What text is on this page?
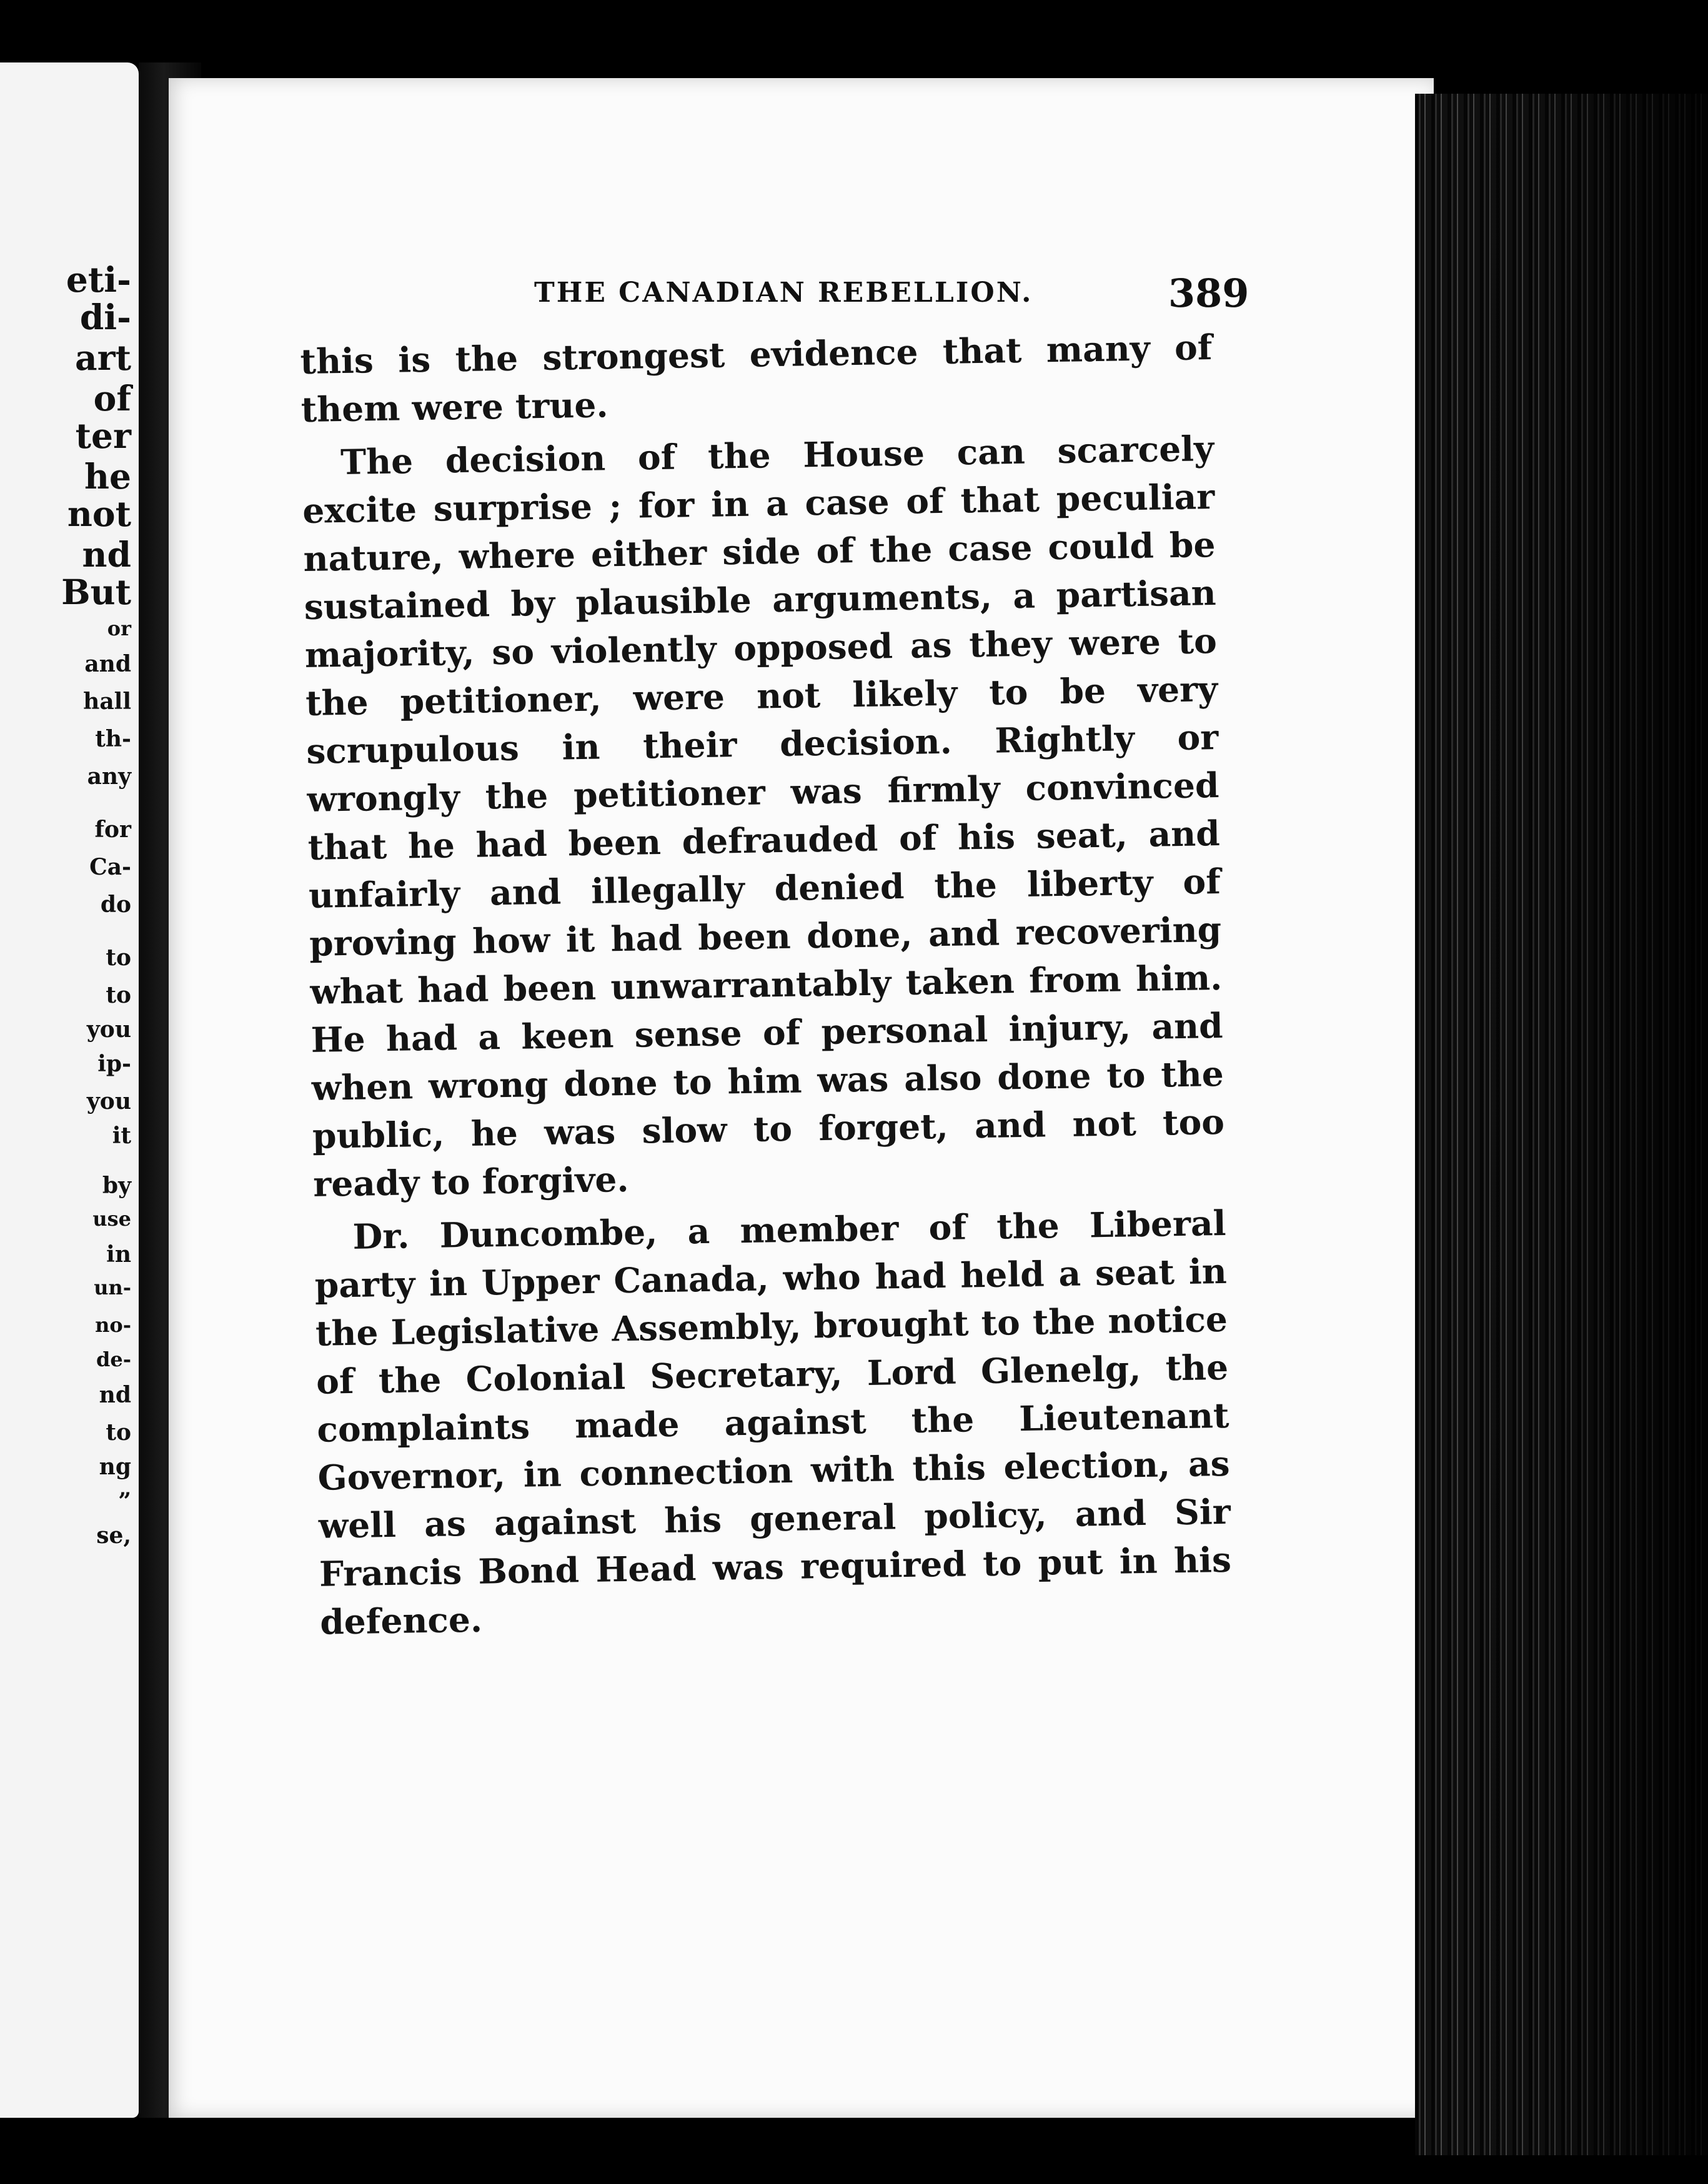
eti-
di-
art
of
ter
he
not
nd
But
or
and
hall
th-
any
for
Ca-
do
to
to
you
ip-
you
it
by
use
in
un-
no-
de-
nd
to
ng
”
se,
THE CANADIAN REBELLION.	389

this is the strongest evidence that many of them were true.

The decision of the House can scarcely excite surprise ; for in a case of that peculiar nature, where either side of the case could be sustained by plausible arguments, a partisan majority, so violently opposed as they were to the petitioner, were not likely to be very scrupulous in their decision. Rightly or wrongly the petitioner was firmly convinced that he had been defrauded of his seat, and unfairly and illegally denied the liberty of proving how it had been done, and recovering what had been unwarrantably taken from him. He had a keen sense of personal injury, and when wrong done to him was also done to the public, he was slow to forget, and not too ready to forgive.

Dr. Duncombe, a member of the Liberal party in Upper Canada, who had held a seat in the Legislative Assembly, brought to the notice of the Colonial Secretary, Lord Glenelg, the complaints made against the Lieutenant Governor, in connection with this election, as well as against his general policy, and Sir Francis Bond Head was required to put in his defence.
